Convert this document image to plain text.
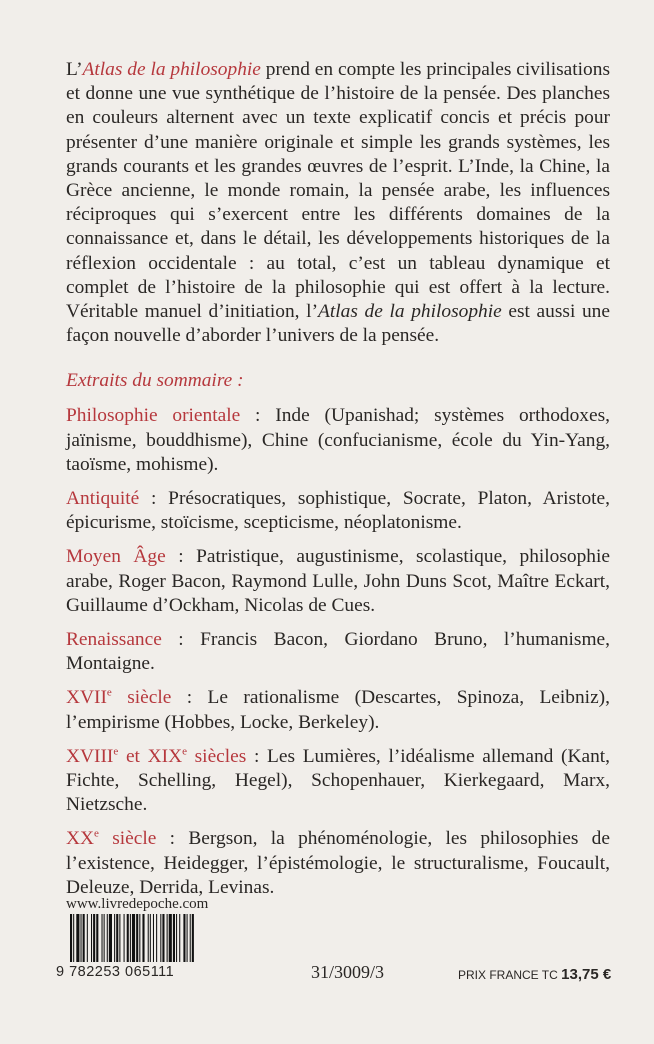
L’Atlas de la philosophie prend en compte les principales civilisations et donne une vue synthétique de l’histoire de la pensée. Des planches en couleurs alternent avec un texte explicatif concis et précis pour présenter d’une manière originale et simple les grands systèmes, les grands courants et les grandes œuvres de l’esprit. L’Inde, la Chine, la Grèce ancienne, le monde romain, la pensée arabe, les influences réciproques qui s’exercent entre les différents domaines de la connaissance et, dans le détail, les développements historiques de la réflexion occidentale : au total, c’est un tableau dynamique et complet de l’histoire de la philosophie qui est offert à la lecture. Véritable manuel d’initiation, l’Atlas de la philosophie est aussi une façon nouvelle d’aborder l’univers de la pensée.

Extraits du sommaire :

Philosophie orientale : Inde (Upanishad; systèmes orthodoxes, jaïnisme, bouddhisme), Chine (confucianisme, école du Yin-Yang, taoïsme, mohisme).

Antiquité : Présocratiques, sophistique, Socrate, Platon, Aristote, épicurisme, stoïcisme, scepticisme, néoplatonisme.

Moyen Âge : Patristique, augustinisme, scolastique, philosophie arabe, Roger Bacon, Raymond Lulle, John Duns Scot, Maître Eckart, Guillaume d’Ockham, Nicolas de Cues.

Renaissance : Francis Bacon, Giordano Bruno, l’humanisme, Montaigne.

XVIIe siècle : Le rationalisme (Descartes, Spinoza, Leibniz), l’empirisme (Hobbes, Locke, Berkeley).

XVIIIe et XIXe siècles : Les Lumières, l’idéalisme allemand (Kant, Fichte, Schelling, Hegel), Schopenhauer, Kierkegaard, Marx, Nietzsche.

XXe siècle : Bergson, la phénoménologie, les philosophies de l’existence, Heidegger, l’épistémologie, le structuralisme, Foucault, Deleuze, Derrida, Levinas.

www.livredepoche.com
9 782253 065111	31/3009/3	PRIX FRANCE TC 13,75 €
